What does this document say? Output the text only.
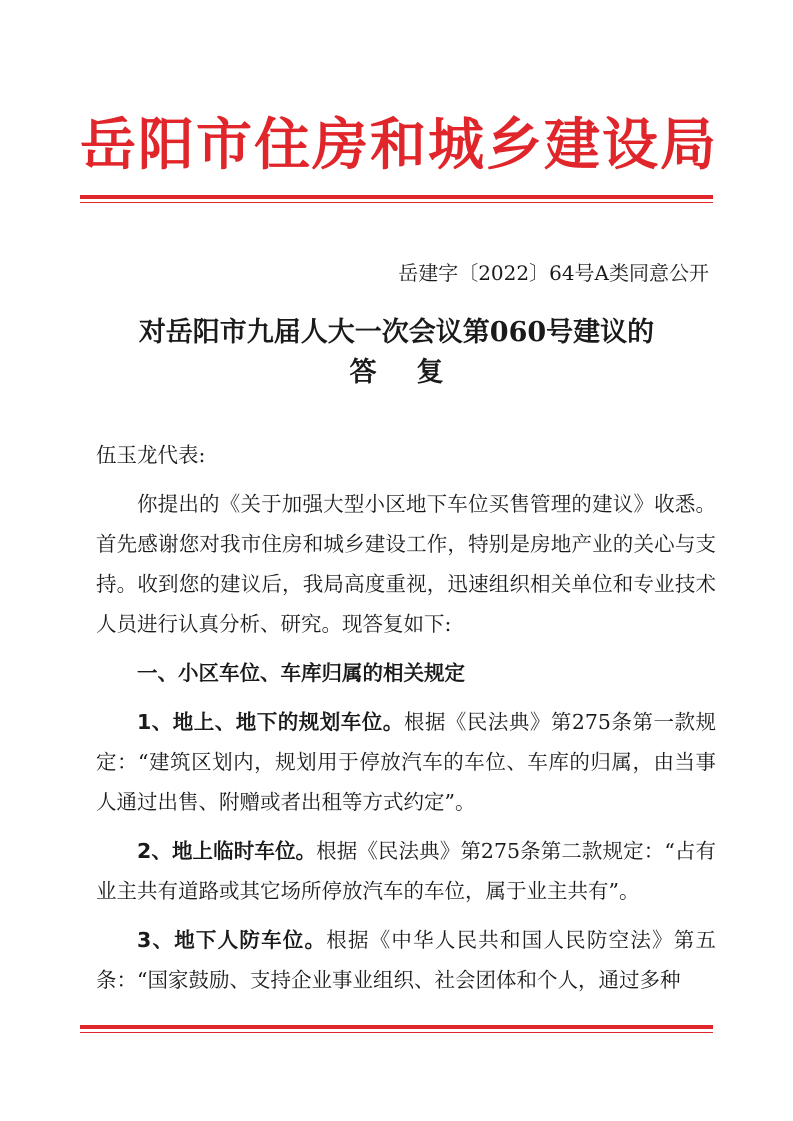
岳阳市住房和城乡建设局
岳建字〔2022〕64号A类同意公开
对岳阳市九届人大一次会议第060号建议的
答复

伍玉龙代表:

你提出的《关于加强大型小区地下车位买售管理的建议》收悉。首先感谢您对我市住房和城乡建设工作，特别是房地产业的关心与支持。收到您的建议后，我局高度重视，迅速组织相关单位和专业技术人员进行认真分析、研究。现答复如下:

一、小区车位、车库归属的相关规定

1、地上、地下的规划车位。根据《民法典》第275条第一款规定：“建筑区划内，规划用于停放汽车的车位、车库的归属，由当事人通过出售、附赠或者出租等方式约定”。

2、地上临时车位。根据《民法典》第275条第二款规定：“占有业主共有道路或其它场所停放汽车的车位，属于业主共有”。

3、地下人防车位。根据《中华人民共和国人民防空法》第五条：“国家鼓励、支持企业事业组织、社会团体和个人，通过多种
